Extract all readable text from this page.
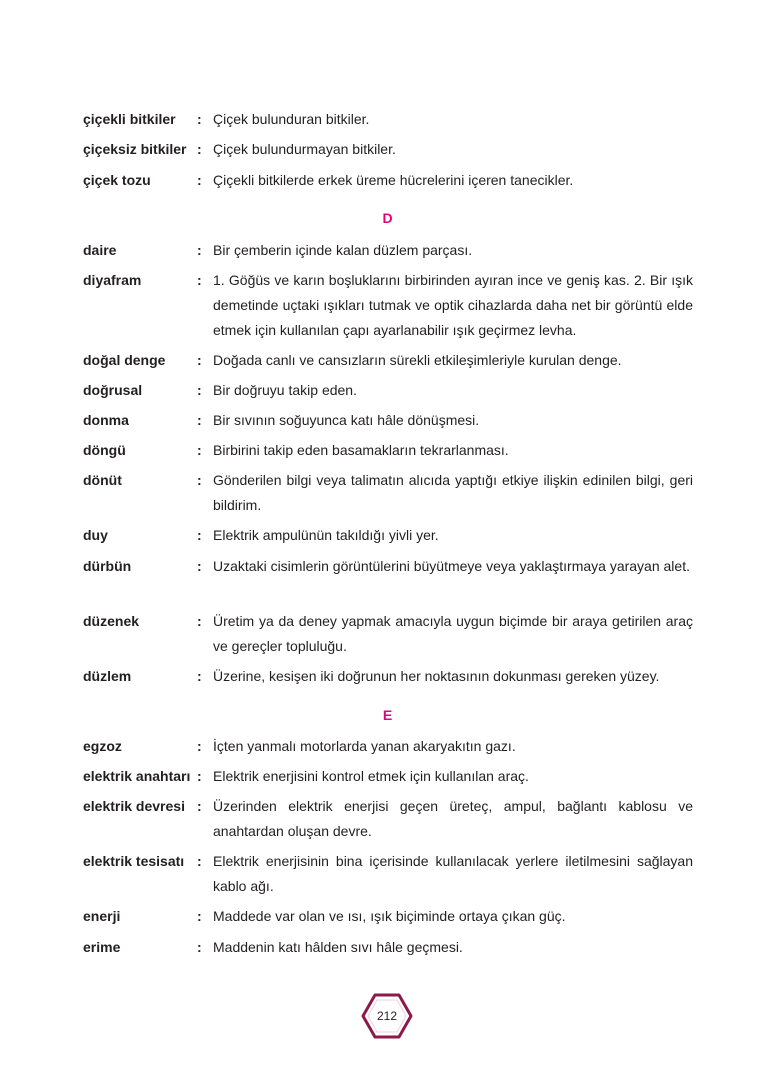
çiçekli bitkiler : Çiçek bulunduran bitkiler.
çiçeksiz bitkiler : Çiçek bulundurmayan bitkiler.
çiçek tozu	: Çiçekli bitkilerde erkek üreme hücrelerini içeren tanecikler.
D
daire	: Bir çemberin içinde kalan düzlem parçası.
diyafram	: 1. Göğüs ve karın boşluklarını birbirinden ayıran ince ve geniş kas. 2. Bir ışık demetinde uçtaki ışıkları tutmak ve optik cihazlarda daha net bir görüntü elde etmek için kullanılan çapı ayarlanabilir ışık geçirmez levha.
doğal denge : Doğada canlı ve cansızların sürekli etkileşimleriyle kurulan denge.
doğrusal	: Bir doğruyu takip eden.
donma	: Bir sıvının soğuyunca katı hâle dönüşmesi.
döngü	: Birbirini takip eden basamakların tekrarlanması.
dönüt	: Gönderilen bilgi veya talimatın alıcıda yaptığı etkiye ilişkin edinilen bilgi, geri bildirim.
duy	: Elektrik ampulünün takıldığı yivli yer.
dürbün	: Uzaktaki cisimlerin görüntülerini büyütmeye veya yaklaştırmaya yarayan alet.
düzenek	: Üretim ya da deney yapmak amacıyla uygun biçimde bir araya getirilen araç ve gereçler topluluğu.
düzlem	: Üzerine, kesişen iki doğrunun her noktasının dokunması gereken yüzey.
E
egzoz	: İçten yanmalı motorlarda yanan akaryakıtın gazı.
elektrik anahtarı : Elektrik enerjisini kontrol etmek için kullanılan araç.
elektrik devresi : Üzerinden elektrik enerjisi geçen üreteç, ampul, bağlantı kablosu ve anahtardan oluşan devre.
elektrik tesisatı : Elektrik enerjisinin bina içerisinde kullanılacak yerlere iletilmesini sağlayan kablo ağı.
enerji	: Maddede var olan ve ısı, ışık biçiminde ortaya çıkan güç.
erime	: Maddenin katı hâlden sıvı hâle geçmesi.
212
